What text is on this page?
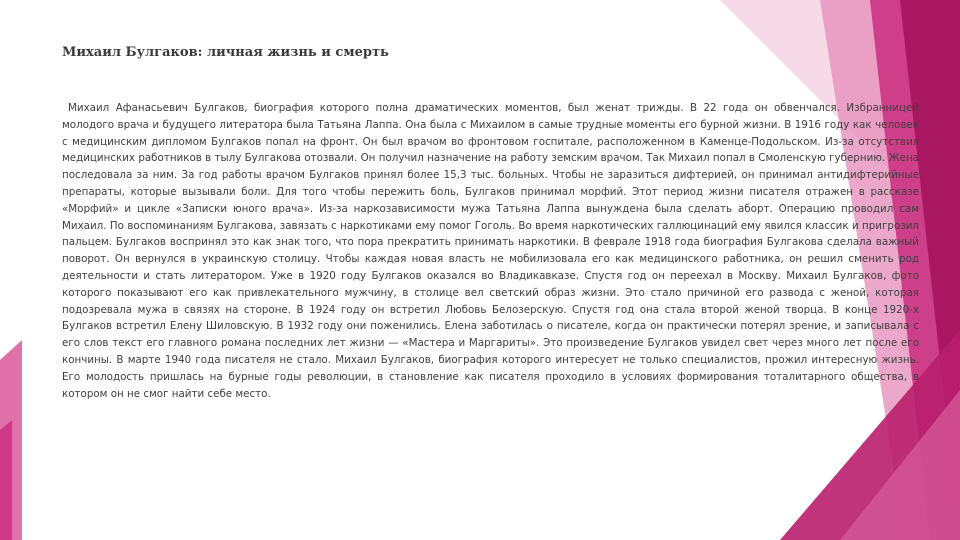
Михаил Булгаков: личная жизнь и смерть

Михаил Афанасьевич Булгаков, биография которого полна драматических моментов, был женат трижды. В 22 года он обвенчался. Избранницей молодого врача и будущего литератора была Татьяна Лаппа. Она была с Михаилом в самые трудные моменты его бурной жизни. В 1916 году как человек с медицинским дипломом Булгаков попал на фронт. Он был врачом во фронтовом госпитале, расположенном в Каменце-Подольском. Из-за отсутствия медицинских работников в тылу Булгакова отозвали. Он получил назначение на работу земским врачом. Так Михаил попал в Смоленскую губернию. Жена последовала за ним. За год работы врачом Булгаков принял более 15,3 тыс. больных. Чтобы не заразиться дифтерией, он принимал антидифтерийные препараты, которые вызывали боли. Для того чтобы пережить боль, Булгаков принимал морфий. Этот период жизни писателя отражен в рассказе «Морфий» и цикле «Записки юного врача». Из-за наркозависимости мужа Татьяна Лаппа вынуждена была сделать аборт. Операцию проводил сам Михаил. По воспоминаниям Булгакова, завязать с наркотиками ему помог Гоголь. Во время наркотических галлюцинаций ему явился классик и пригрозил пальцем. Булгаков воспринял это как знак того, что пора прекратить принимать наркотики. В феврале 1918 года биография Булгакова сделала важный поворот. Он вернулся в украинскую столицу. Чтобы каждая новая власть не мобилизовала его как медицинского работника, он решил сменить род деятельности и стать литератором. Уже в 1920 году Булгаков оказался во Владикавказе. Спустя год он переехал в Москву. Михаил Булгаков, фото которого показывают его как привлекательного мужчину, в столице вел светский образ жизни. Это стало причиной его развода с женой, которая подозревала мужа в связях на стороне. В 1924 году он встретил Любовь Белозерскую. Спустя год она стала второй женой творца. В конце 1920-х Булгаков встретил Елену Шиловскую. В 1932 году они поженились. Елена заботилась о писателе, когда он практически потерял зрение, и записывала с его слов текст его главного романа последних лет жизни — «Мастера и Маргариты». Это произведение Булгаков увидел свет через много лет после его кончины. В марте 1940 года писателя не стало. Михаил Булгаков, биография которого интересует не только специалистов, прожил интересную жизнь. Его молодость пришлась на бурные годы революции, в становление как писателя проходило в условиях формирования тоталитарного общества, в котором он не смог найти себе место.
